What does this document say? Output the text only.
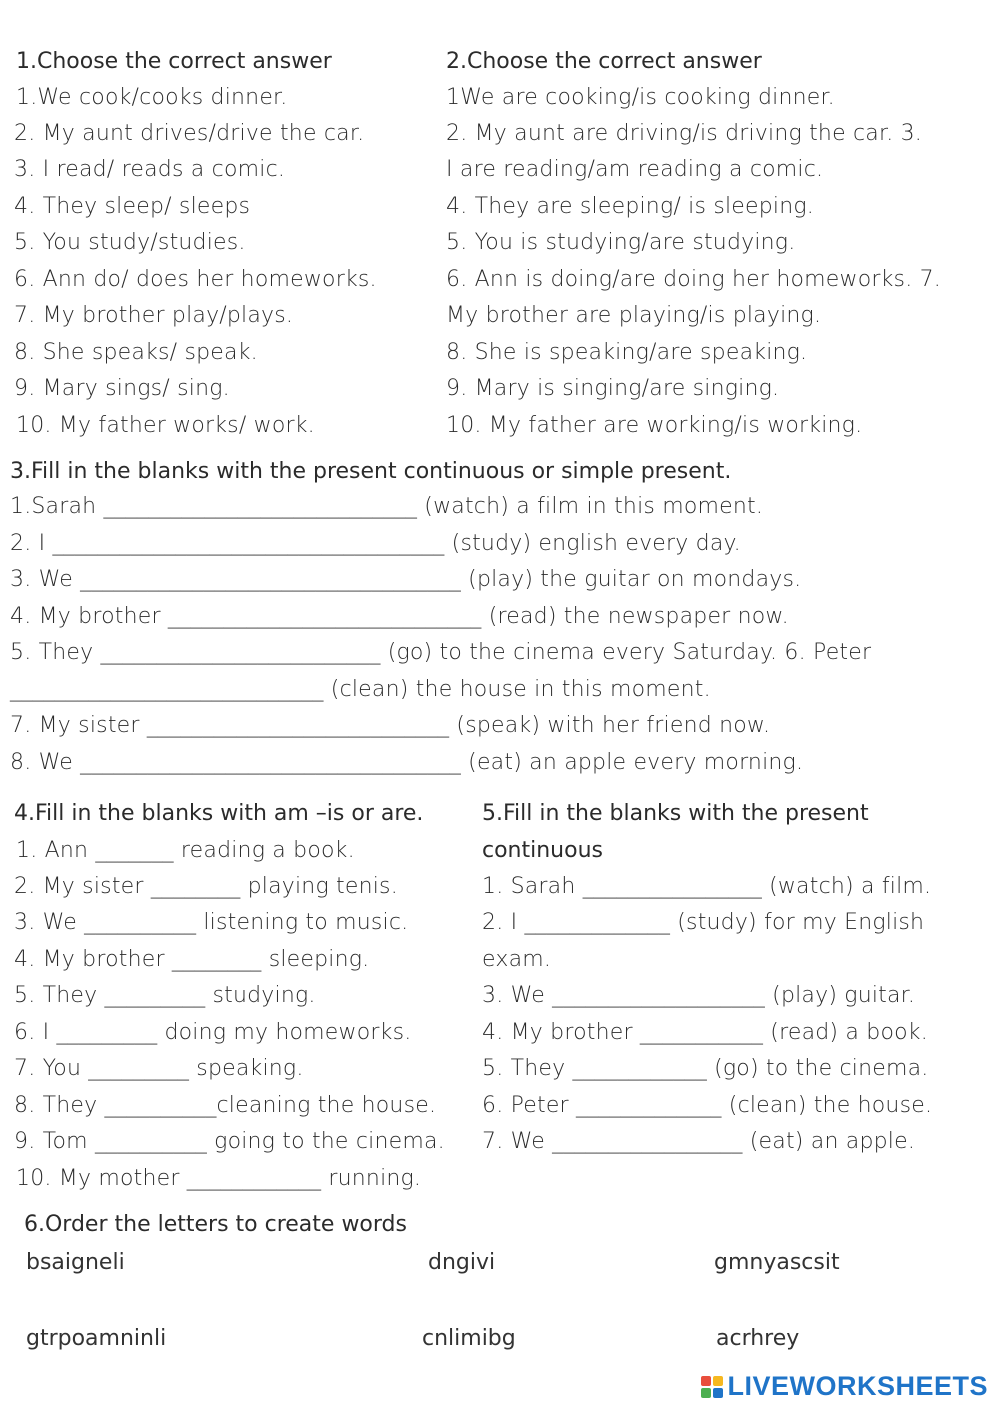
1.Choose the correct answer
1.We cook/cooks dinner.
2. My aunt drives/drive the car.
3. I read/ reads a comic.
4. They sleep/ sleeps
5. You study/studies.
6. Ann do/ does her homeworks.
7. My brother play/plays.
8. She speaks/ speak.
9. Mary sings/ sing.
10. My father works/ work.
2.Choose the correct answer
1We are cooking/is cooking dinner.
2. My aunt are driving/is driving the car. 3.
I are reading/am reading a comic.
4. They are sleeping/ is sleeping.
5. You is studying/are studying.
6. Ann is doing/are doing her homeworks. 7.
My brother are playing/is playing.
8. She is speaking/are speaking.
9. Mary is singing/are singing.
10. My father are working/is working.
3.Fill in the blanks with the present continuous or simple present.
1.Sarah ____________________________ (watch) a film in this moment.
2. I ___________________________________ (study) english every day.
3. We __________________________________ (play) the guitar on mondays.
4. My brother ____________________________ (read) the newspaper now.
5. They _________________________ (go) to the cinema every Saturday. 6. Peter
____________________________ (clean) the house in this moment.
7. My sister ___________________________ (speak) with her friend now.
8. We __________________________________ (eat) an apple every morning.
4.Fill in the blanks with am –is or are.
1. Ann _______ reading a book.
2. My sister ________ playing tenis.
3. We __________ listening to music.
4. My brother ________ sleeping.
5. They _________ studying.
6. I _________ doing my homeworks.
7. You _________ speaking.
8. They __________cleaning the house.
9. Tom __________ going to the cinema.
10. My mother ____________ running.
5.Fill in the blanks with the present
continuous
1. Sarah ________________ (watch) a film.
2. I _____________ (study) for my English
exam.
3. We ___________________ (play) guitar.
4. My brother ___________ (read) a book.
5. They ____________ (go) to the cinema.
6. Peter _____________ (clean) the house.
7. We _________________ (eat) an apple.
6.Order the letters to create words
bsaigneli	dngivi	gmnyascsit
gtrpoamninli	cnlimibg	acrhrey
LIVEWORKSHEETS
